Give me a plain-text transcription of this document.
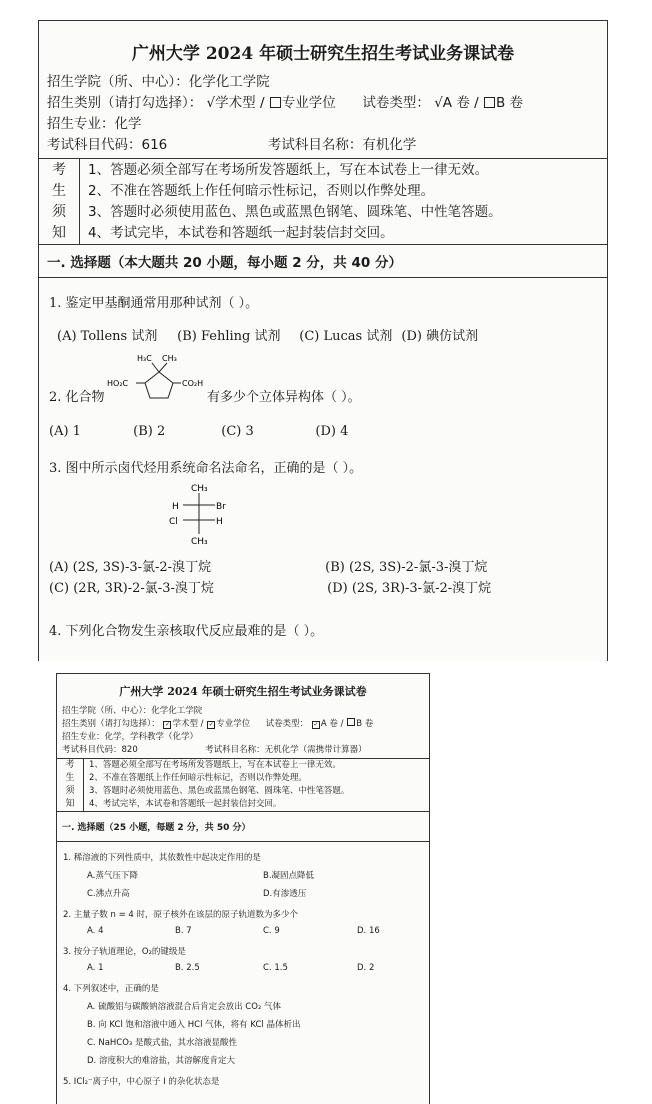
广州大学 2024 年硕士研究生招生考试业务课试卷
招生学院（所、中心）：化学化工学院
招生类别（请打勾选择）： √学术型 / 专业学位 试卷类型： √A 卷 / B 卷
招生专业：化学
考试科目代码：616	考试科目名称：有机化学
考
生
须
知
1、答题必须全部写在考场所发答题纸上，写在本试卷上一律无效。
2、不准在答题纸上作任何暗示性标记，否则以作弊处理。
3、答题时必须使用蓝色、黑色或蓝黑色钢笔、圆珠笔、中性笔答题。
4、考试完毕，本试卷和答题纸一起封装信封交回。
一. 选择题（本大题共 20 小题，每小题 2 分，共 40 分）
1. 鉴定甲基酮通常用那种试剂（ ）。
(A) Tollens 试剂 (B) Fehling 试剂 (C) Lucas 试剂 (D) 碘仿试剂
2. 化合物
H₃C CH₃
HO₂C	CO₂H
有多少个立体异构体（ ）。
(A) 1	(B) 2	(C) 3	(D) 4
3. 图中所示卤代烃用系统命名法命名，正确的是（ ）。
CH₃
H	Br
Cl	H
CH₃
(A) (2S, 3S)-3-氯-2-溴丁烷	(B) (2S, 3S)-2-氯-3-溴丁烷
(C) (2R, 3R)-2-氯-3-溴丁烷	(D) (2S, 3R)-3-氯-2-溴丁烷
4. 下列化合物发生亲核取代反应最难的是（ ）。
广州大学 2024 年硕士研究生招生考试业务课试卷
招生学院（所、中心）：化学化工学院
招生类别（请打勾选择）： ✓ 学术型 / ✓ 专业学位 试卷类型： ✓ A 卷 / B 卷
招生专业：化学，学科教学（化学）
考试科目代码：820	考试科目名称：无机化学（需携带计算器）
考
生
须
知
1、答题必须全部写在考场所发答题纸上，写在本试卷上一律无效。
2、不准在答题纸上作任何暗示性标记，否则以作弊处理。
3、答题时必须使用蓝色、黑色或蓝黑色钢笔、圆珠笔、中性笔答题。
4、考试完毕，本试卷和答题纸一起封装信封交回。
一. 选择题（25 小题，每题 2 分，共 50 分）
1. 稀溶液的下列性质中，其依数性中起决定作用的是
A.蒸气压下降	B.凝固点降低
C.沸点升高	D.有渗透压
2. 主量子数 n = 4 时，原子核外在该层的原子轨道数为多少个
A. 4	B. 7	C. 9	D. 16
3. 按分子轨道理论，O₂的键级是
A. 1	B. 2.5	C. 1.5	D. 2
4. 下列叙述中，正确的是
A. 硫酸铝与碳酸钠溶液混合后肯定会放出 CO₂ 气体
B. 向 KCl 饱和溶液中通入 HCl 气体，将有 KCl 晶体析出
C. NaHCO₃ 是酸式盐，其水溶液显酸性
D. 溶度积大的难溶盐，其溶解度肯定大
5. ICl₂⁻离子中，中心原子 I 的杂化状态是
